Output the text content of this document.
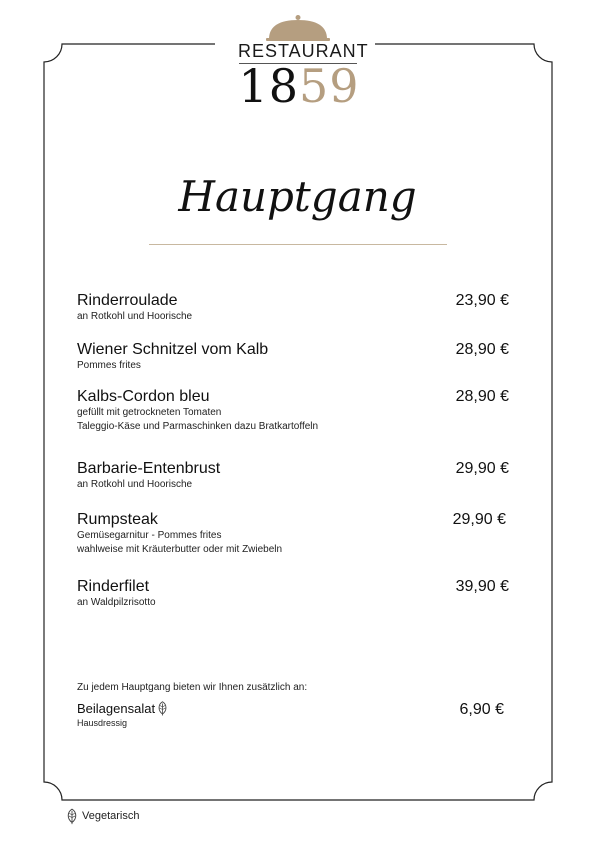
RESTAURANT
1859
Hauptgang
Rinderroulade
an Rotkohl und Hoorische
23,90 €
Wiener Schnitzel vom Kalb
Pommes frites
28,90 €
Kalbs-Cordon bleu
gefüllt mit getrockneten Tomaten
Taleggio-Käse und Parmaschinken dazu Bratkartoffeln
28,90 €
Barbarie-Entenbrust
an Rotkohl und Hoorische
29,90 €
Rumpsteak
Gemüsegarnitur - Pommes frites
wahlweise mit Kräuterbutter oder mit Zwiebeln
29,90 €
Rinderfilet
an Waldpilzrisotto
39,90 €
Zu jedem Hauptgang bieten wir Ihnen zusätzlich an:
Beilagensalat
Hausdressig
6,90 €
Vegetarisch
